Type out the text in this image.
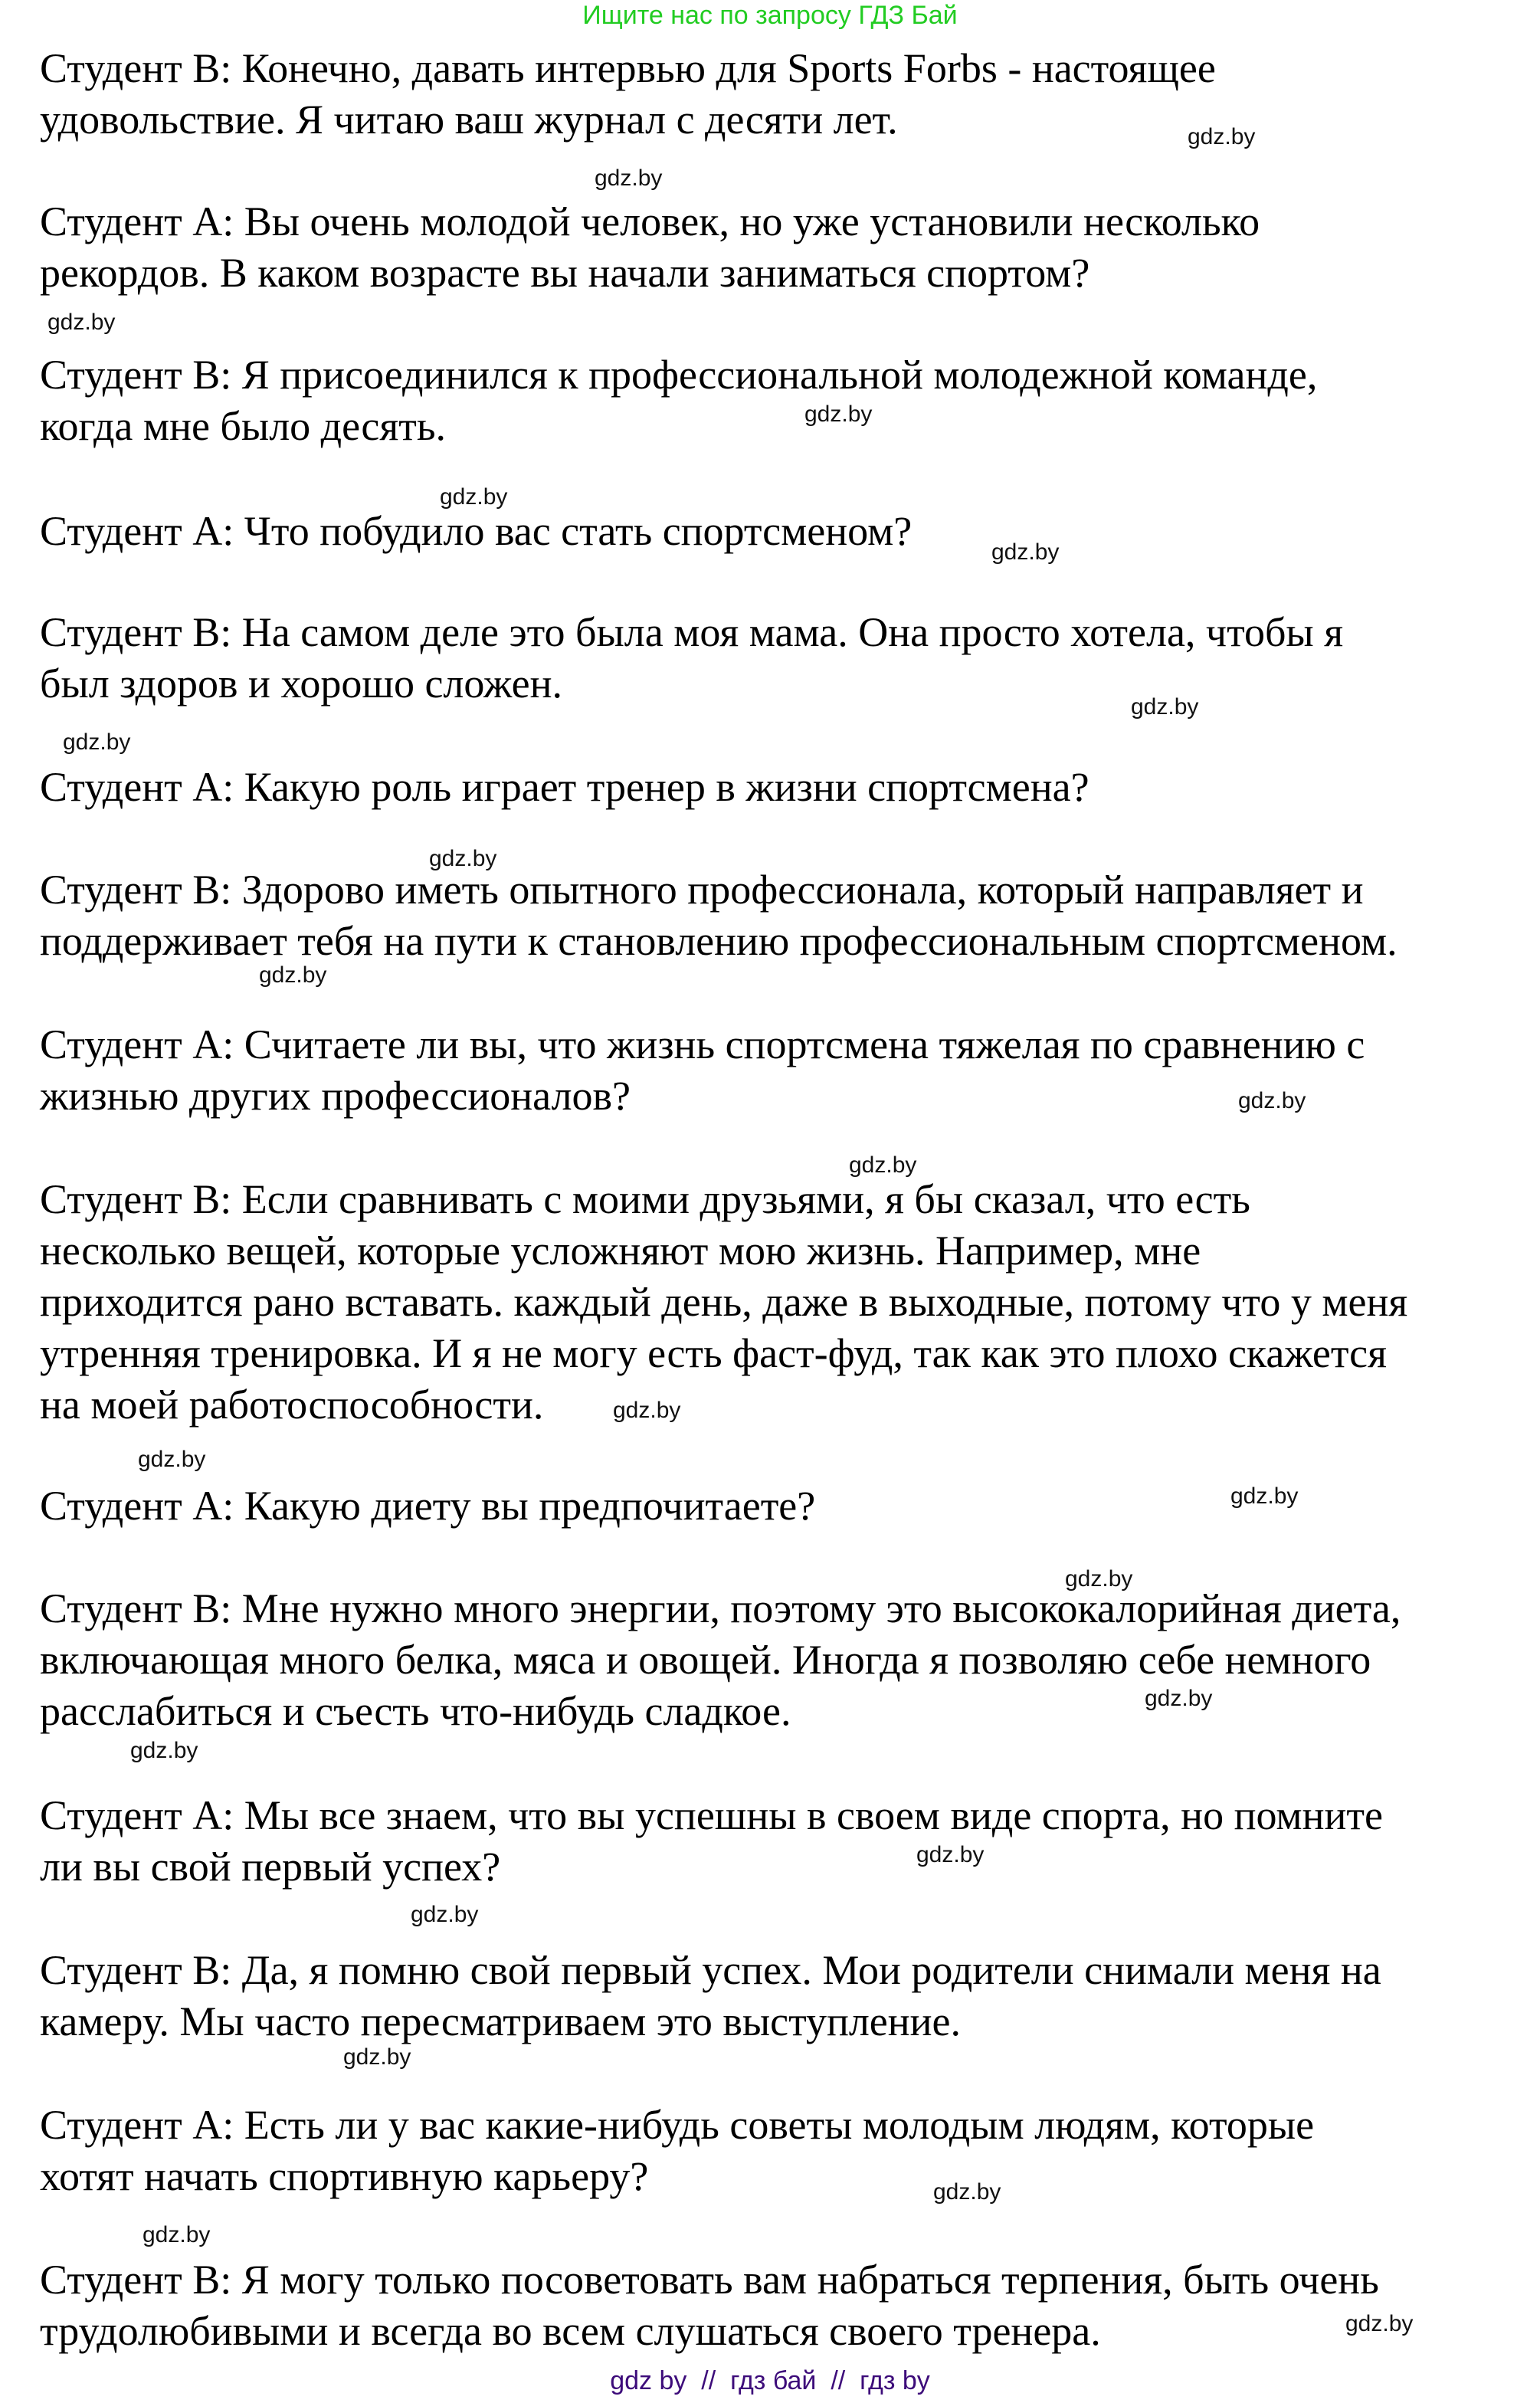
Ищите нас по запросу ГДЗ Бай
Студент В: Конечно, давать интервью для Sports Forbs - настоящее
удовольствие. Я читаю ваш журнал с десяти лет.
Студент А: Вы очень молодой человек, но уже установили несколько
рекордов. В каком возрасте вы начали заниматься спортом?
Студент В: Я присоединился к профессиональной молодежной команде,
когда мне было десять.
Студент А: Что побудило вас стать спортсменом?
Студент В: На самом деле это была моя мама. Она просто хотела, чтобы я
был здоров и хорошо сложен.
Студент А: Какую роль играет тренер в жизни спортсмена?
Студент В: Здорово иметь опытного профессионала, который направляет и
поддерживает тебя на пути к становлению профессиональным спортсменом.
Студент А: Считаете ли вы, что жизнь спортсмена тяжелая по сравнению с
жизнью других профессионалов?
Студент В: Если сравнивать с моими друзьями, я бы сказал, что есть
несколько вещей, которые усложняют мою жизнь. Например, мне
приходится рано вставать. каждый день, даже в выходные, потому что у меня
утренняя тренировка. И я не могу есть фаст-фуд, так как это плохо скажется
на моей работоспособности.
Студент А: Какую диету вы предпочитаете?
Студент В: Мне нужно много энергии, поэтому это высококалорийная диета,
включающая много белка, мяса и овощей. Иногда я позволяю себе немного
расслабиться и съесть что-нибудь сладкое.
Студент А: Мы все знаем, что вы успешны в своем виде спорта, но помните
ли вы свой первый успех?
Студент В: Да, я помню свой первый успех. Мои родители снимали меня на
камеру. Мы часто пересматриваем это выступление.
Студент А: Есть ли у вас какие-нибудь советы молодым людям, которые
хотят начать спортивную карьеру?
Студент В: Я могу только посоветовать вам набраться терпения, быть очень
трудолюбивыми и всегда во всем слушаться своего тренера.
gdz.by
gdz.by
gdz.by
gdz.by
gdz.by
gdz.by
gdz.by
gdz.by
gdz.by
gdz.by
gdz.by
gdz.by
gdz.by
gdz.by
gdz.by
gdz.by
gdz.by
gdz.by
gdz.by
gdz.by
gdz.by
gdz.by
gdz.by
gdz.by
gdz by  //  гдз бай  //  гдз by
